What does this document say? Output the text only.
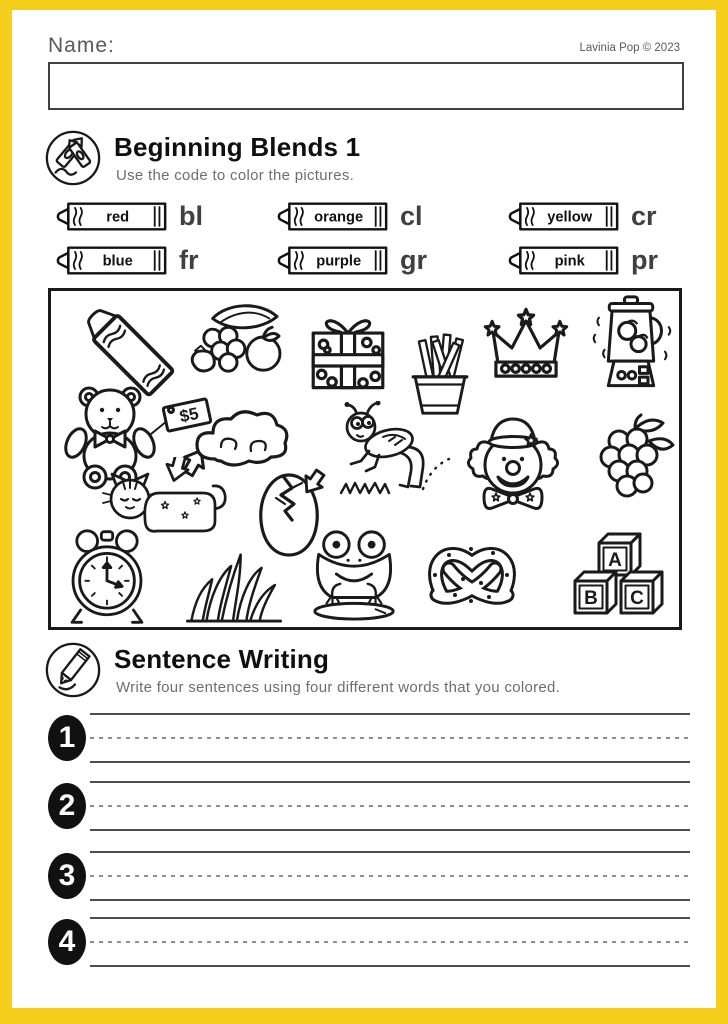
Name:	Lavinia Pop © 2023
Beginning Blends 1
Use the code to color the pictures.
red bl	orange cl	yellow cr
blue fr	purple gr	pink pr
$5
A
B C
Sentence Writing
Write four sentences using four different words that you colored.
1
2
3
4
